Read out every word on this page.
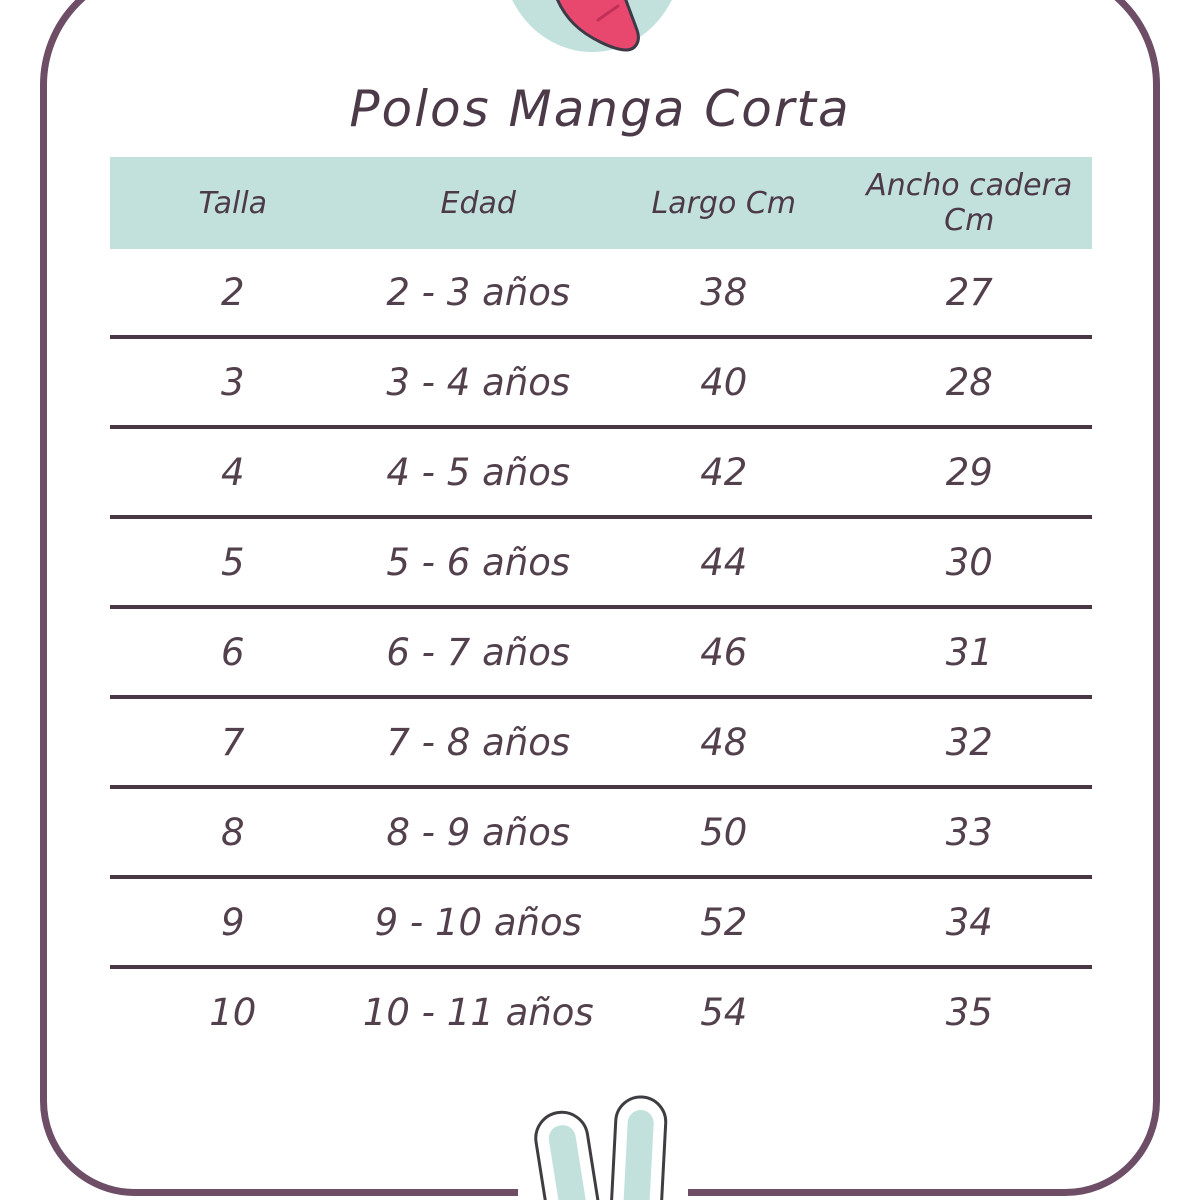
Polos Manga Corta
Talla	Edad	Largo Cm	Ancho cadera Cm
2	2 - 3 años	38	27
3	3 - 4 años	40	28
4	4 - 5 años	42	29
5	5 - 6 años	44	30
6	6 - 7 años	46	31
7	7 - 8 años	48	32
8	8 - 9 años	50	33
9	9 - 10 años	52	34
10	10 - 11 años	54	35
